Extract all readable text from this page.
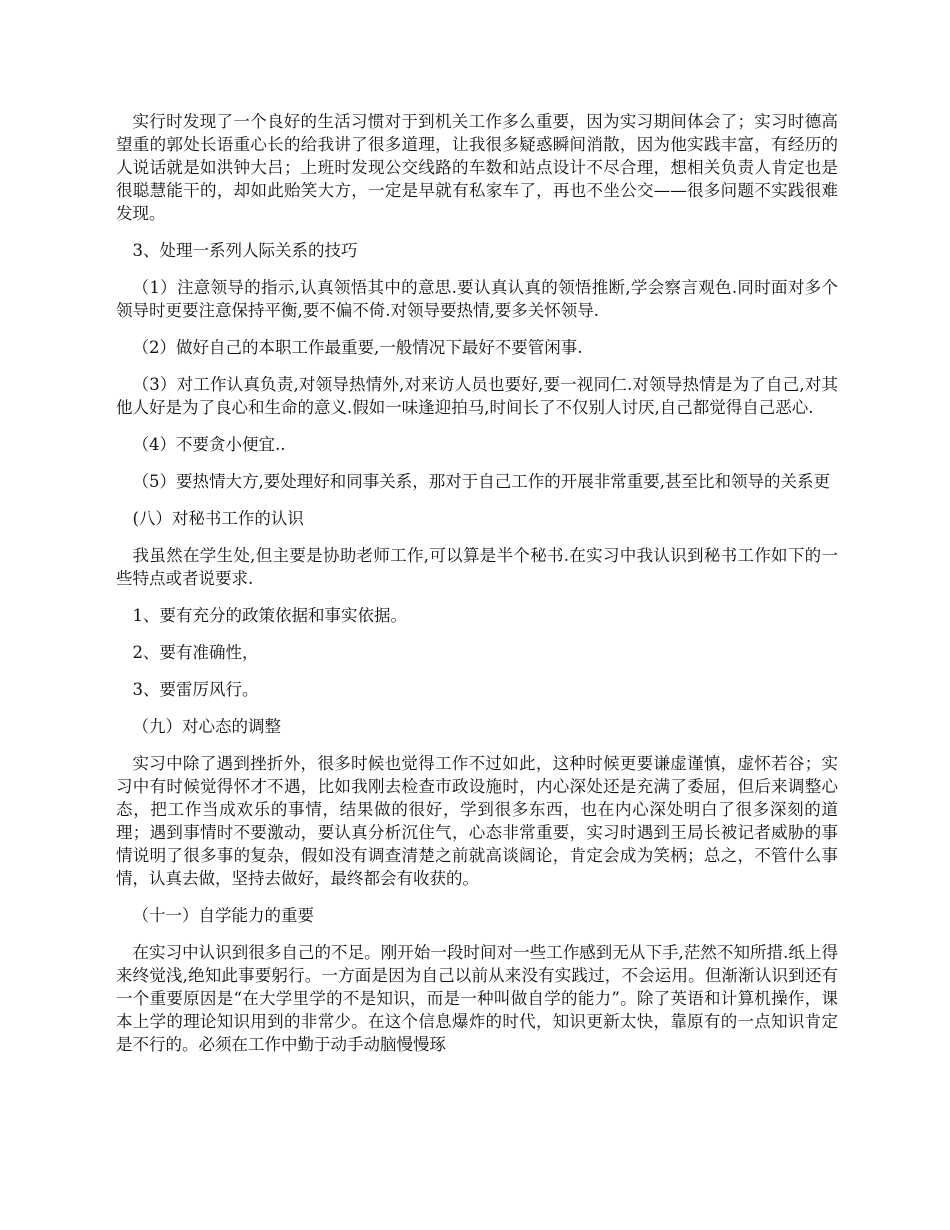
实行时发现了一个良好的生活习惯对于到机关工作多么重要，因为实习期间体会了；实习时德高望重的郭处长语重心长的给我讲了很多道理，让我很多疑惑瞬间消散，因为他实践丰富，有经历的人说话就是如洪钟大吕；上班时发现公交线路的车数和站点设计不尽合理，想相关负责人肯定也是很聪慧能干的，却如此贻笑大方，一定是早就有私家车了，再也不坐公交——很多问题不实践很难发现。

3、处理一系列人际关系的技巧

（1）注意领导的指示,认真领悟其中的意思.要认真认真的领悟推断,学会察言观色.同时面对多个领导时更要注意保持平衡,要不偏不倚.对领导要热情,要多关怀领导.

（2）做好自己的本职工作最重要,一般情况下最好不要管闲事.

（3）对工作认真负责,对领导热情外,对来访人员也要好,要一视同仁.对领导热情是为了自己,对其他人好是为了良心和生命的意义.假如一味逢迎拍马,时间长了不仅别人讨厌,自己都觉得自己恶心.

（4）不要贪小便宜..

（5）要热情大方,要处理好和同事关系，那对于自己工作的开展非常重要,甚至比和领导的关系更

(八）对秘书工作的认识

我虽然在学生处,但主要是协助老师工作,可以算是半个秘书.在实习中我认识到秘书工作如下的一些特点或者说要求.

1、要有充分的政策依据和事实依据。

2、要有准确性，

3、要雷厉风行。

（九）对心态的调整

实习中除了遇到挫折外，很多时候也觉得工作不过如此，这种时候更要谦虚谨慎，虚怀若谷；实习中有时候觉得怀才不遇，比如我刚去检查市政设施时，内心深处还是充满了委屈，但后来调整心态，把工作当成欢乐的事情，结果做的很好，学到很多东西，也在内心深处明白了很多深刻的道理；遇到事情时不要激动，要认真分析沉住气，心态非常重要，实习时遇到王局长被记者威胁的事情说明了很多事的复杂，假如没有调查清楚之前就高谈阔论，肯定会成为笑柄；总之，不管什么事情，认真去做，坚持去做好，最终都会有收获的。

（十一）自学能力的重要

在实习中认识到很多自己的不足。刚开始一段时间对一些工作感到无从下手,茫然不知所措.纸上得来终觉浅,绝知此事要躬行。一方面是因为自己以前从来没有实践过，不会运用。但渐渐认识到还有一个重要原因是“在大学里学的不是知识，而是一种叫做自学的能力”。除了英语和计算机操作，课本上学的理论知识用到的非常少。在这个信息爆炸的时代，知识更新太快，靠原有的一点知识肯定是不行的。必须在工作中勤于动手动脑慢慢琢
